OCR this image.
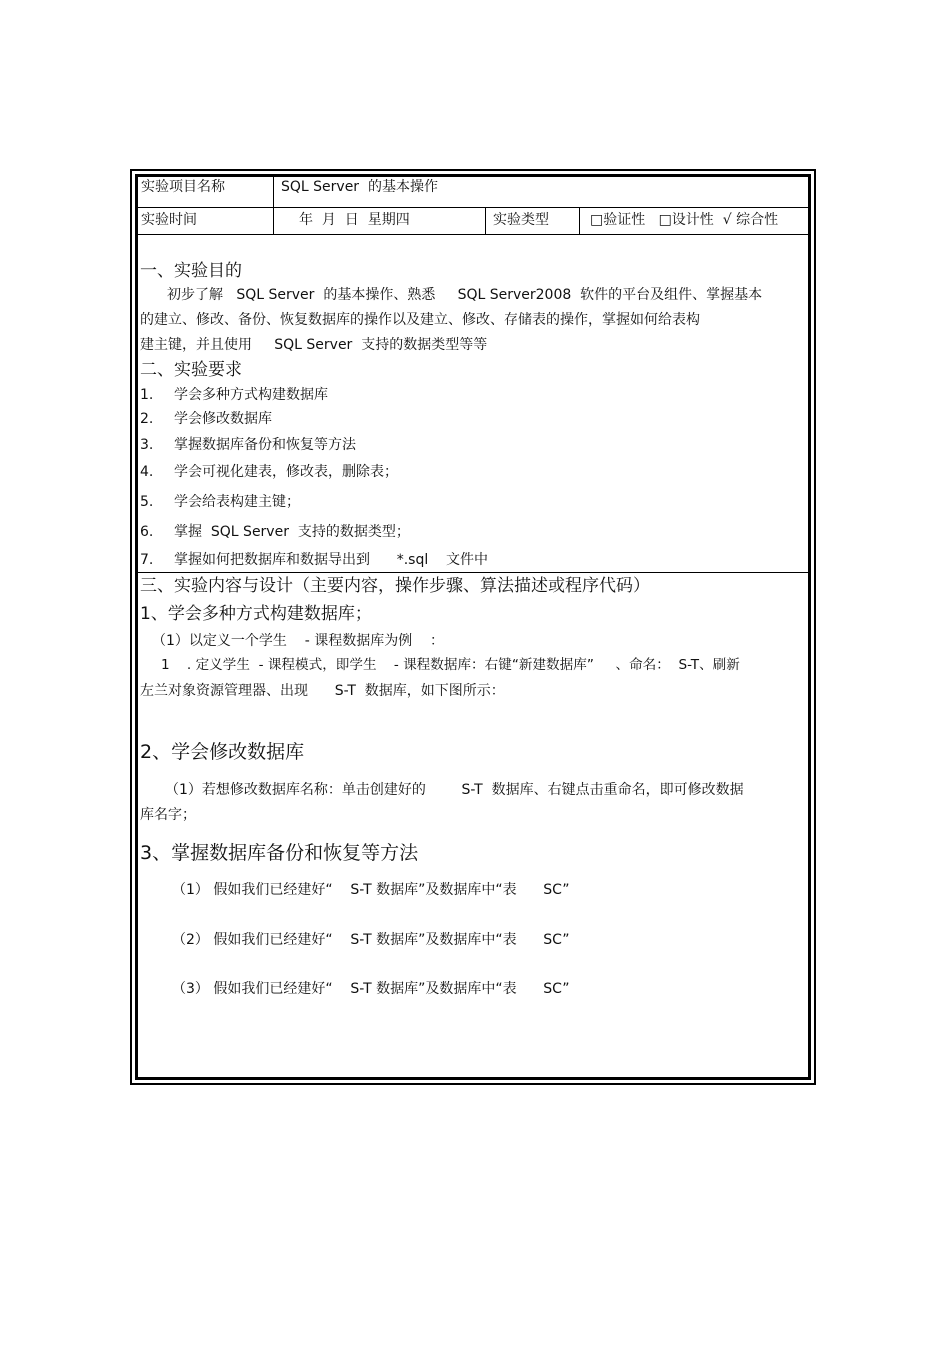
实验项目名称	SQL Server  的基本操作
实验时间	年  月  日  星期四	实验类型	□验证性   □设计性  √ 综合性
一、实验目的
初步了解   SQL Server  的基本操作、熟悉     SQL Server2008  软件的平台及组件、掌握基本
的建立、修改、备份、恢复数据库的操作以及建立、修改、存储表的操作，掌握如何给表构
建主键，并且使用     SQL Server  支持的数据类型等等
二、实验要求
1. 学会多种方式构建数据库
2. 学会修改数据库
3. 掌握数据库备份和恢复等方法
4. 学会可视化建表，修改表，删除表；
5. 学会给表构建主键；
6. 掌握  SQL Server  支持的数据类型；
7. 掌握如何把数据库和数据导出到      *.sql    文件中
三、实验内容与设计（主要内容，操作步骤、算法描述或程序代码）
1、学会多种方式构建数据库；
（1）以定义一个学生    - 课程数据库为例    ：
1    . 定义学生  - 课程模式，即学生    - 课程数据库：右键“新建数据库”     、命名：  S-T、刷新
左兰对象资源管理器、出现      S-T  数据库，如下图所示：
2、学会修改数据库
（1）若想修改数据库名称：单击创建好的        S-T  数据库、右键点击重命名，即可修改数据
库名字；
3、掌握数据库备份和恢复等方法
（1） 假如我们已经建好“    S-T 数据库”及数据库中“表      SC”
（2） 假如我们已经建好“    S-T 数据库”及数据库中“表      SC”
（3） 假如我们已经建好“    S-T 数据库”及数据库中“表      SC”
